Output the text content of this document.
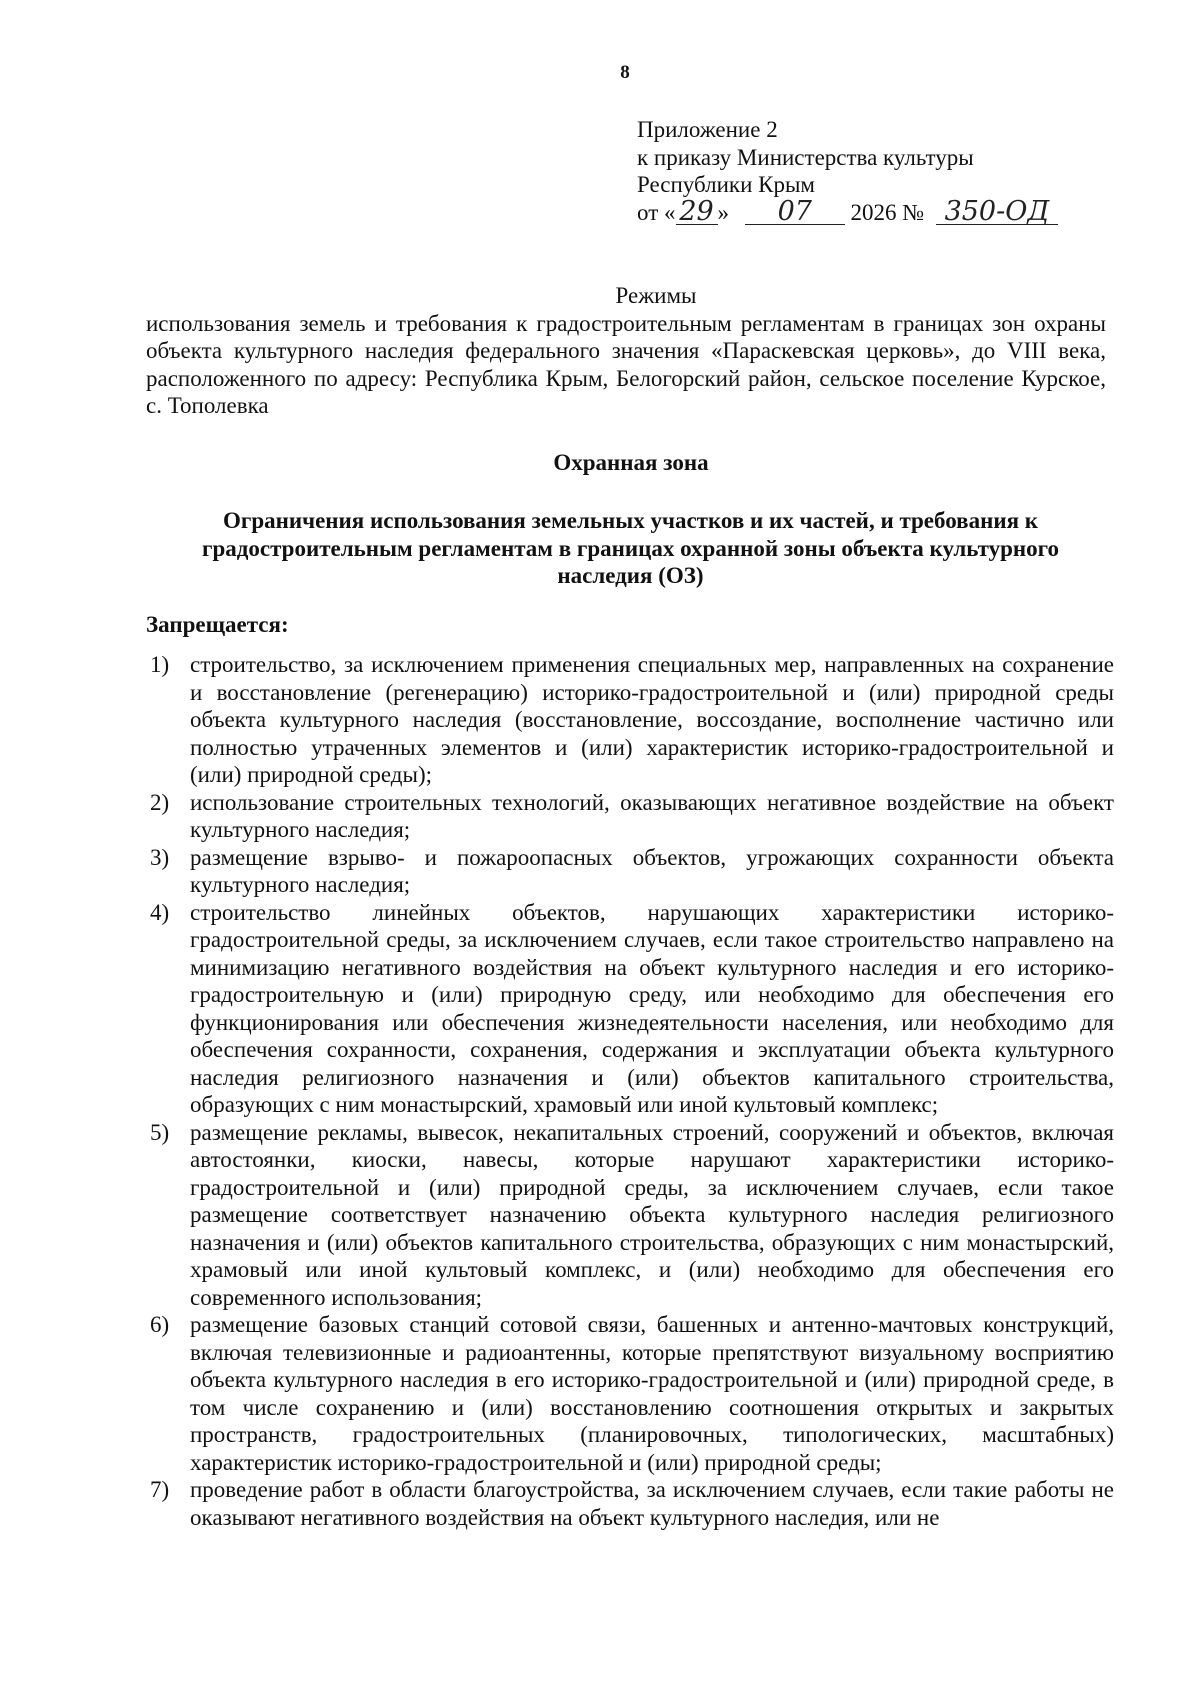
8
Приложение 2
к приказу Министерства культуры
Республики Крым
от « 29 » 07 2026 № 350-ОД
Режимы
использования земель и требования к градостроительным регламентам в границах зон охраны объекта культурного наследия федерального значения «Параскевская церковь», до VIII века, расположенного по адресу: Республика Крым, Белогорский район, сельское поселение Курское, с. Тополевка
Охранная зона
Ограничения использования земельных участков и их частей, и требования к градостроительным регламентам в границах охранной зоны объекта культурного наследия (ОЗ)
Запрещается:
1) строительство, за исключением применения специальных мер, направленных на сохранение и восстановление (регенерацию) историко-градостроительной и (или) природной среды объекта культурного наследия (восстановление, воссоздание, восполнение частично или полностью утраченных элементов и (или) характеристик историко-градостроительной и (или) природной среды);
2) использование строительных технологий, оказывающих негативное воздействие на объект культурного наследия;
3) размещение взрыво- и пожароопасных объектов, угрожающих сохранности объекта культурного наследия;
4) строительство линейных объектов, нарушающих характеристики историко-градостроительной среды, за исключением случаев, если такое строительство направлено на минимизацию негативного воздействия на объект культурного наследия и его историко-градостроительную и (или) природную среду, или необходимо для обеспечения его функционирования или обеспечения жизнедеятельности населения, или необходимо для обеспечения сохранности, сохранения, содержания и эксплуатации объекта культурного наследия религиозного назначения и (или) объектов капитального строительства, образующих с ним монастырский, храмовый или иной культовый комплекс;
5) размещение рекламы, вывесок, некапитальных строений, сооружений и объектов, включая автостоянки, киоски, навесы, которые нарушают характеристики историко-градостроительной и (или) природной среды, за исключением случаев, если такое размещение соответствует назначению объекта культурного наследия религиозного назначения и (или) объектов капитального строительства, образующих с ним монастырский, храмовый или иной культовый комплекс, и (или) необходимо для обеспечения его современного использования;
6) размещение базовых станций сотовой связи, башенных и антенно-мачтовых конструкций, включая телевизионные и радиоантенны, которые препятствуют визуальному восприятию объекта культурного наследия в его историко-градостроительной и (или) природной среде, в том числе сохранению и (или) восстановлению соотношения открытых и закрытых пространств, градостроительных (планировочных, типологических, масштабных) характеристик историко-градостроительной и (или) природной среды;
7) проведение работ в области благоустройства, за исключением случаев, если такие работы не оказывают негативного воздействия на объект культурного наследия, или не
